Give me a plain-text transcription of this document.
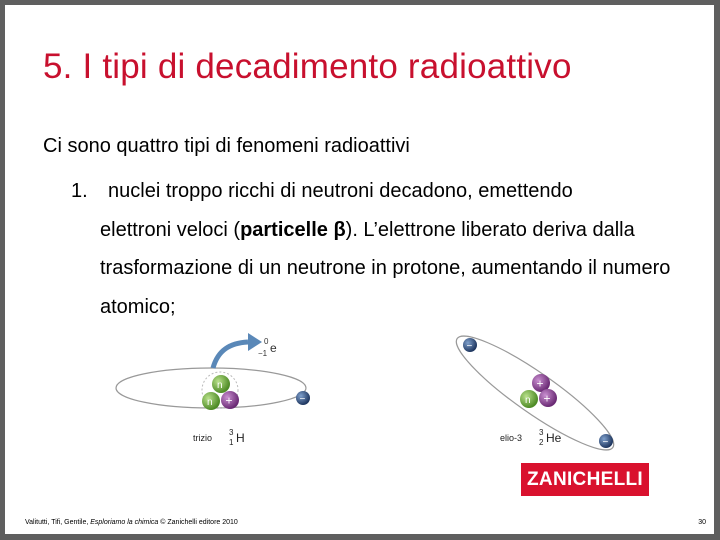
5. I tipi di decadimento radioattivo
Ci sono quattro tipi di fenomeni radioattivi
1. nuclei troppo ricchi di neutroni decadono, emettendo
elettroni veloci (particelle β). L’elettrone liberato deriva dalla trasformazione di un neutrone in protone, aumentando il numero atomico;
0
−1 e
n
n +	−
trizio
3
1 H
+
n +
−
−
elio-3
3
2 He
ZANICHELLI
Valitutti, Tifi, Gentile, Esploriamo la chimica © Zanichelli editore 2010	30
